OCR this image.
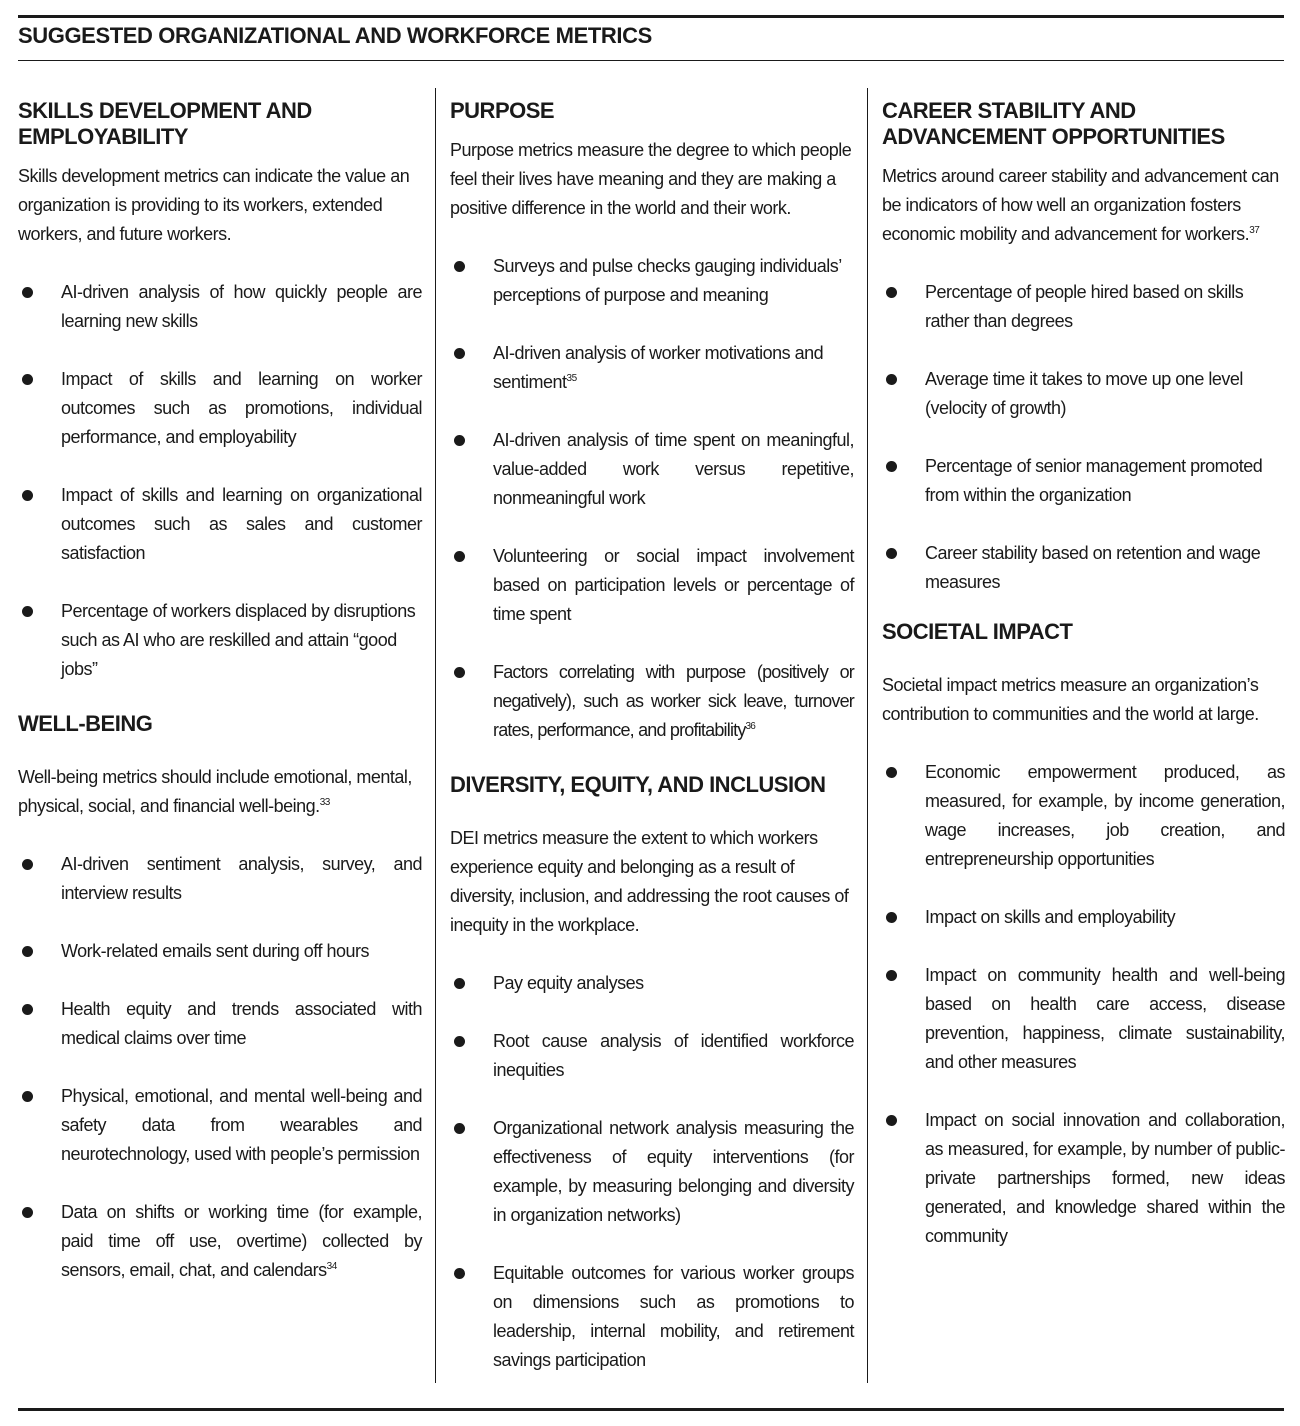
SUGGESTED ORGANIZATIONAL AND WORKFORCE METRICS
SKILLS DEVELOPMENT AND EMPLOYABILITY

Skills development metrics can indicate the value an organization is providing to its workers, extended workers, and future workers.

AI-driven analysis of how quickly people are learning new skills
Impact of skills and learning on worker outcomes such as promotions, individual performance, and employability
Impact of skills and learning on organizational outcomes such as sales and customer satisfaction
Percentage of workers displaced by disruptions such as AI who are reskilled and attain “good jobs”
WELL-BEING

Well-being metrics should include emotional, mental, physical, social, and financial well-being.$^{33}$

AI-driven sentiment analysis, survey, and interview results
Work-related emails sent during off hours
Health equity and trends associated with medical claims over time
Physical, emotional, and mental well-being and safety data from wearables and neurotechnology, used with people’s permission
Data on shifts or working time (for example, paid time off use, overtime) collected by sensors, email, chat, and calendars$^{34}$
PURPOSE

Purpose metrics measure the degree to which people feel their lives have meaning and they are making a positive difference in the world and their work.

Surveys and pulse checks gauging individuals’ perceptions of purpose and meaning
AI-driven analysis of worker motivations and sentiment$^{35}$
AI-driven analysis of time spent on meaningful, value-added work versus repetitive, nonmeaningful work
Volunteering or social impact involvement based on participation levels or percentage of time spent
Factors correlating with purpose (positively or negatively), such as worker sick leave, turnover rates, performance, and profitability$^{36}$
DIVERSITY, EQUITY, AND INCLUSION

DEI metrics measure the extent to which workers experience equity and belonging as a result of diversity, inclusion, and addressing the root causes of inequity in the workplace.

Pay equity analyses
Root cause analysis of identified workforce inequities
Organizational network analysis measuring the effectiveness of equity interventions (for example, by measuring belonging and diversity in organization networks)
Equitable outcomes for various worker groups on dimensions such as promotions to leadership, internal mobility, and retirement savings participation
CAREER STABILITY AND ADVANCEMENT OPPORTUNITIES

Metrics around career stability and advancement can be indicators of how well an organization fosters economic mobility and advancement for workers.$^{37}$

Percentage of people hired based on skills rather than degrees
Average time it takes to move up one level (velocity of growth)
Percentage of senior management promoted from within the organization
Career stability based on retention and wage measures
SOCIETAL IMPACT

Societal impact metrics measure an organization’s contribution to communities and the world at large.

Economic empowerment produced, as measured, for example, by income generation, wage increases, job creation, and entrepreneurship opportunities
Impact on skills and employability
Impact on community health and well-being based on health care access, disease prevention, happiness, climate sustainability, and other measures
Impact on social innovation and collaboration, as measured, for example, by number of public-private partnerships formed, new ideas generated, and knowledge shared within the community
